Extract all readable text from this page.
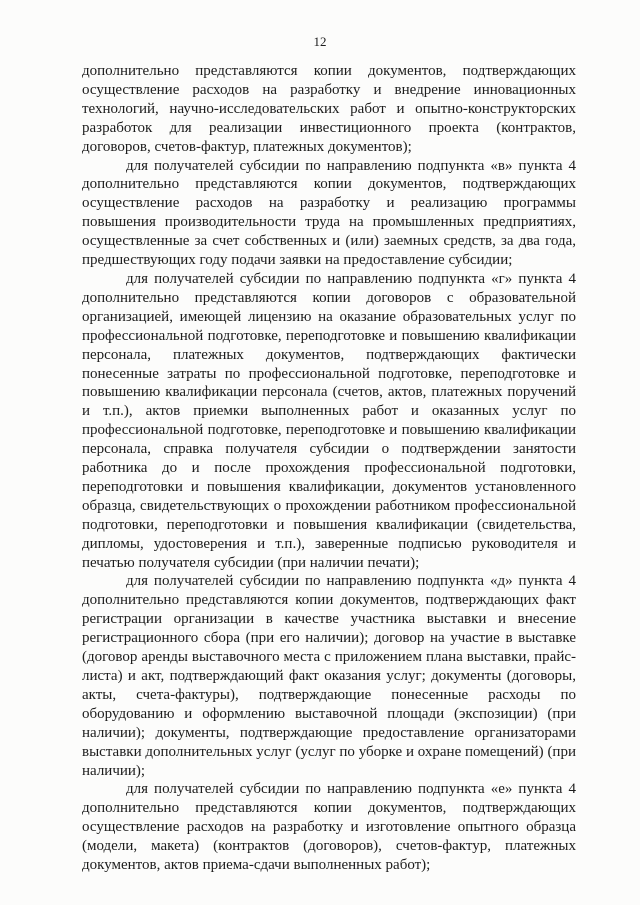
12

дополнительно представляются копии документов, подтверждающих осуществление расходов на разработку и внедрение инновационных технологий, научно-исследовательских работ и опытно-конструкторских разработок для реализации инвестиционного проекта (контрактов, договоров, счетов-фактур, платежных документов);

для получателей субсидии по направлению подпункта «в» пункта 4 дополнительно представляются копии документов, подтверждающих осуществление расходов на разработку и реализацию программы повышения производительности труда на промышленных предприятиях, осуществленные за счет собственных и (или) заемных средств, за два года, предшествующих году подачи заявки на предоставление субсидии;

для получателей субсидии по направлению подпункта «г» пункта 4 дополнительно представляются копии договоров с образовательной организацией, имеющей лицензию на оказание образовательных услуг по профессиональной подготовке, переподготовке и повышению квалификации персонала, платежных документов, подтверждающих фактически понесенные затраты по профессиональной подготовке, переподготовке и повышению квалификации персонала (счетов, актов, платежных поручений и т.п.), актов приемки выполненных работ и оказанных услуг по профессиональной подготовке, переподготовке и повышению квалификации персонала, справка получателя субсидии о подтверждении занятости работника до и после прохождения профессиональной подготовки, переподготовки и повышения квалификации, документов установленного образца, свидетельствующих о прохождении работником профессиональной подготовки, переподготовки и повышения квалификации (свидетельства, дипломы, удостоверения и т.п.), заверенные подписью руководителя и печатью получателя субсидии (при наличии печати);

для получателей субсидии по направлению подпункта «д» пункта 4 дополнительно представляются копии документов, подтверждающих факт регистрации организации в качестве участника выставки и внесение регистрационного сбора (при его наличии); договор на участие в выставке (договор аренды выставочного места с приложением плана выставки, прайс-листа) и акт, подтверждающий факт оказания услуг; документы (договоры, акты, счета-фактуры), подтверждающие понесенные расходы по оборудованию и оформлению выставочной площади (экспозиции) (при наличии); документы, подтверждающие предоставление организаторами выставки дополнительных услуг (услуг по уборке и охране помещений) (при наличии);

для получателей субсидии по направлению подпункта «е» пункта 4 дополнительно представляются копии документов, подтверждающих осуществление расходов на разработку и изготовление опытного образца (модели, макета) (контрактов (договоров), счетов-фактур, платежных документов, актов приема-сдачи выполненных работ);
